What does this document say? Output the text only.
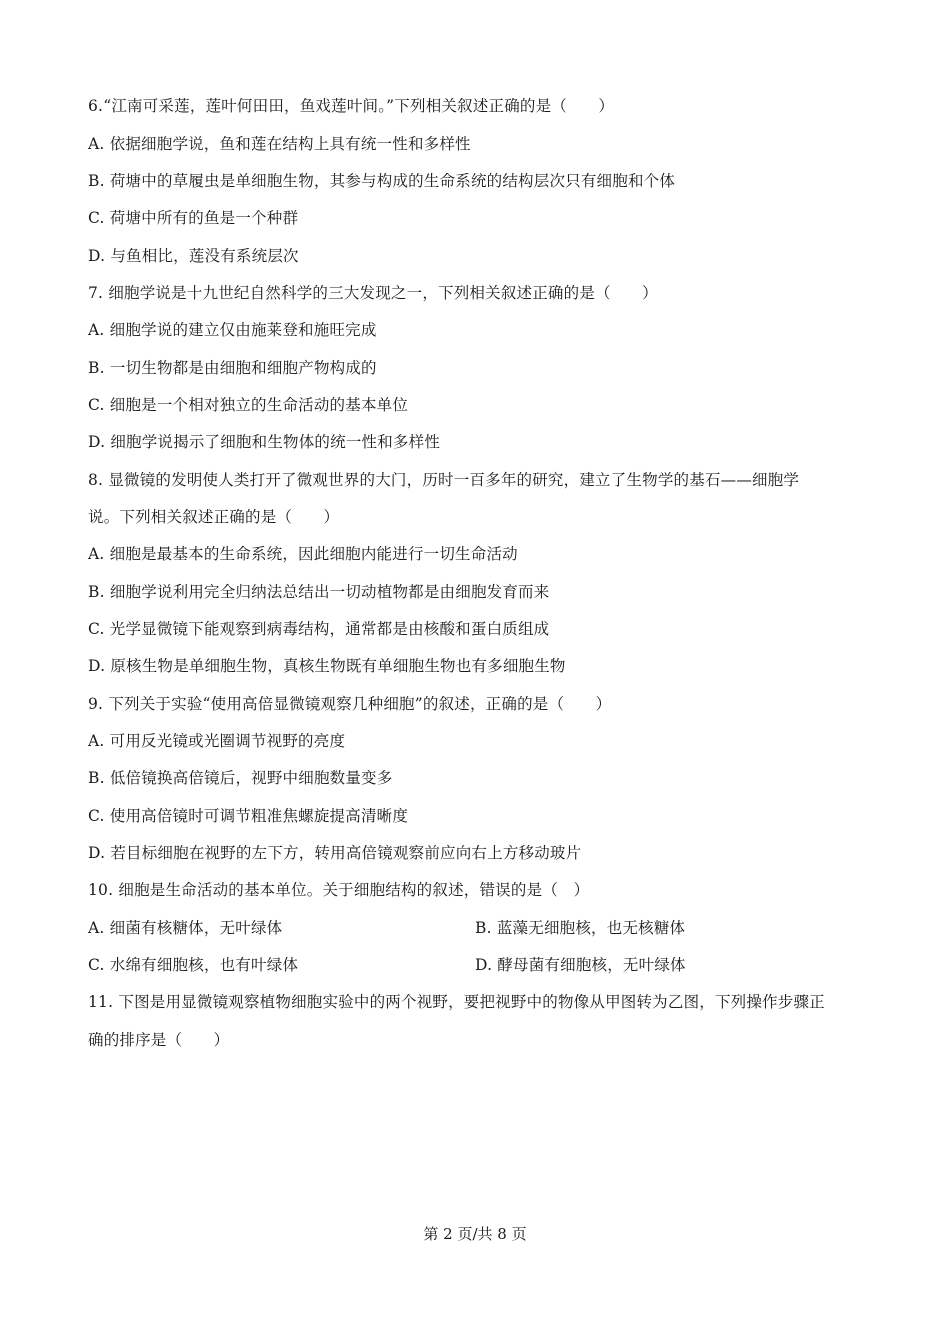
6.“江南可采莲，莲叶何田田，鱼戏莲叶间。”下列相关叙述正确的是（　　）
A. 依据细胞学说，鱼和莲在结构上具有统一性和多样性
B. 荷塘中的草履虫是单细胞生物，其参与构成的生命系统的结构层次只有细胞和个体
C. 荷塘中所有的鱼是一个种群
D. 与鱼相比，莲没有系统层次
7. 细胞学说是十九世纪自然科学的三大发现之一，下列相关叙述正确的是（　　）
A. 细胞学说的建立仅由施莱登和施旺完成
B. 一切生物都是由细胞和细胞产物构成的
C. 细胞是一个相对独立的生命活动的基本单位
D. 细胞学说揭示了细胞和生物体的统一性和多样性
8. 显微镜的发明使人类打开了微观世界的大门，历时一百多年的研究，建立了生物学的基石——细胞学
说。下列相关叙述正确的是（　　）
A. 细胞是最基本的生命系统，因此细胞内能进行一切生命活动
B. 细胞学说利用完全归纳法总结出一切动植物都是由细胞发育而来
C. 光学显微镜下能观察到病毒结构，通常都是由核酸和蛋白质组成
D. 原核生物是单细胞生物，真核生物既有单细胞生物也有多细胞生物
9. 下列关于实验“使用高倍显微镜观察几种细胞”的叙述，正确的是（　　）
A. 可用反光镜或光圈调节视野的亮度
B. 低倍镜换高倍镜后，视野中细胞数量变多
C. 使用高倍镜时可调节粗准焦螺旋提高清晰度
D. 若目标细胞在视野的左下方，转用高倍镜观察前应向右上方移动玻片
10. 细胞是生命活动的基本单位。关于细胞结构的叙述，错误的是（　）
A. 细菌有核糖体，无叶绿体	B. 蓝藻无细胞核，也无核糖体
C. 水绵有细胞核，也有叶绿体	D. 酵母菌有细胞核，无叶绿体
11. 下图是用显微镜观察植物细胞实验中的两个视野，要把视野中的物像从甲图转为乙图，下列操作步骤正
确的排序是（　　）
第 2 页/共 8 页
